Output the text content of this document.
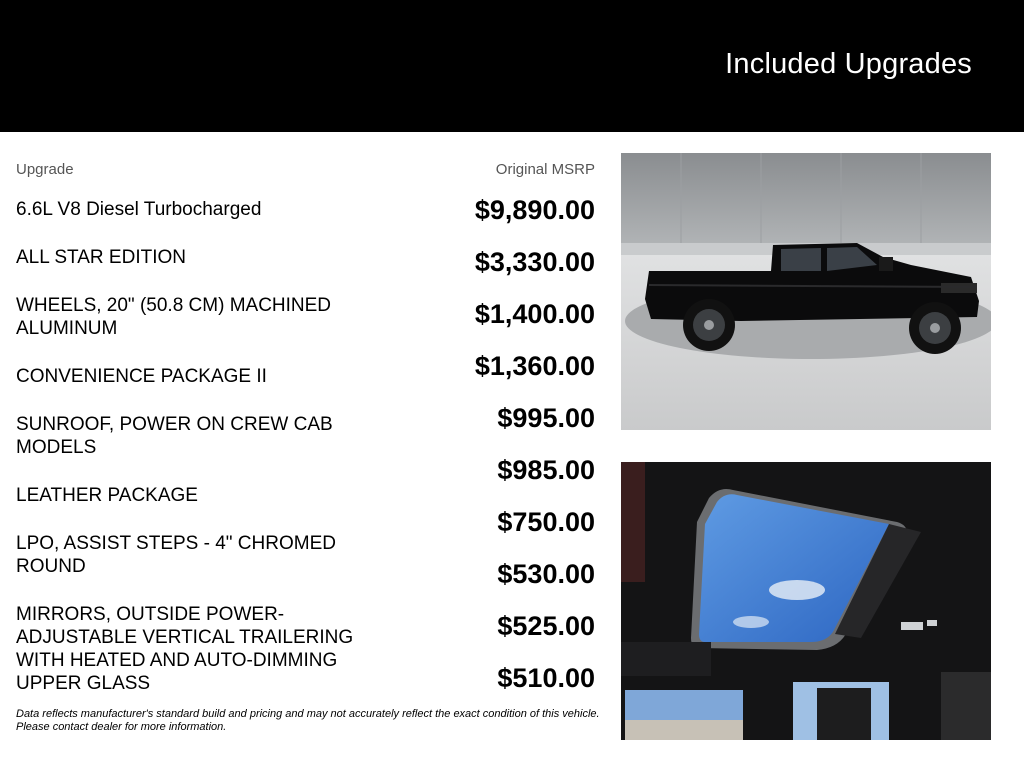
Included Upgrades
Upgrade	Original MSRP
6.6L V8 Diesel Turbocharged
ALL STAR EDITION
WHEELS, 20" (50.8 CM) MACHINED ALUMINUM
CONVENIENCE PACKAGE II
SUNROOF, POWER ON CREW CAB MODELS
LEATHER PACKAGE
LPO, ASSIST STEPS - 4" CHROMED ROUND
MIRRORS, OUTSIDE POWER-ADJUSTABLE VERTICAL TRAILERING WITH HEATED AND AUTO-DIMMING UPPER GLASS
$9,890.00
$3,330.00
$1,400.00
$1,360.00
$995.00
$985.00
$750.00
$530.00
$525.00
$510.00
Data reflects manufacturer's standard build and pricing and may not accurately reflect the exact condition of this vehicle.
Please contact dealer for more information.
